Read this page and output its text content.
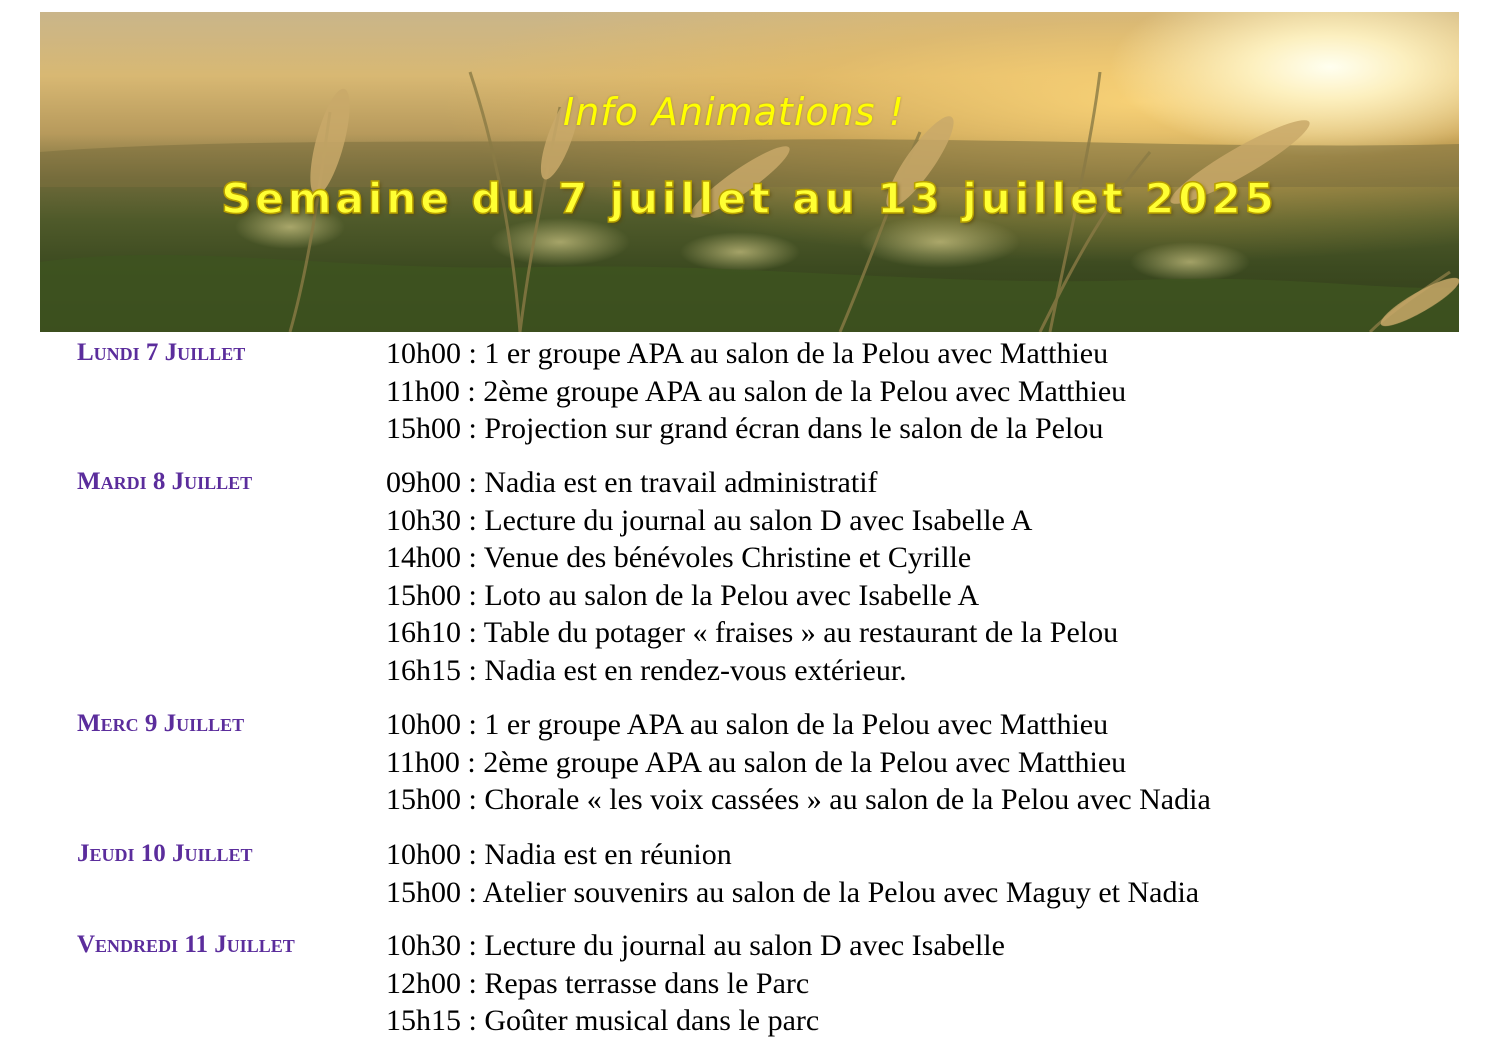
Info Animations !
Semaine du 7 juillet au 13 juillet 2025
Lundi 7 Juillet	10h00 : 1 er groupe APA au salon de la Pelou avec Matthieu
11h00 : 2ème groupe APA au salon de la Pelou avec Matthieu
15h00 : Projection sur grand écran dans le salon de la Pelou
Mardi 8 Juillet	09h00 : Nadia est en travail administratif
10h30 : Lecture du journal au salon D avec Isabelle A
14h00 : Venue des bénévoles Christine et Cyrille
15h00 : Loto au salon de la Pelou avec Isabelle A
16h10 : Table du potager « fraises » au restaurant de la Pelou
16h15 : Nadia est en rendez-vous extérieur.
Merc 9 Juillet	10h00 : 1 er groupe APA au salon de la Pelou avec Matthieu
11h00 : 2ème groupe APA au salon de la Pelou avec Matthieu
15h00 : Chorale « les voix cassées » au salon de la Pelou avec Nadia
Jeudi 10 Juillet	10h00 : Nadia est en réunion
15h00 : Atelier souvenirs au salon de la Pelou avec Maguy et Nadia
Vendredi 11 Juillet	10h30 : Lecture du journal au salon D avec Isabelle
12h00 : Repas terrasse dans le Parc
15h15 : Goûter musical dans le parc
